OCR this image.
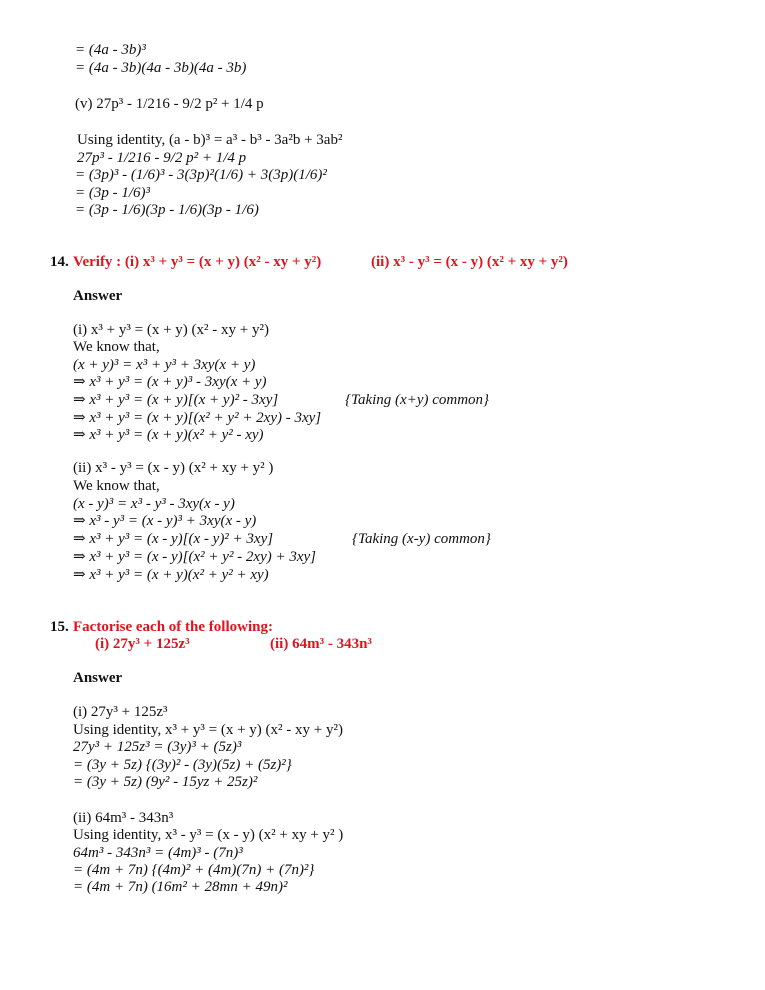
= (4a - 3b)³
= (4a - 3b)(4a - 3b)(4a - 3b)
(v) 27p³ - 1/216 - 9/2 p² + 1/4 p
Using identity, (a - b)³ = a³ - b³ - 3a²b + 3ab²
27p³ - 1/216 - 9/2 p² + 1/4 p
= (3p)³ - (1/6)³ - 3(3p)²(1/6) + 3(3p)(1/6)²
= (3p - 1/6)³
= (3p - 1/6)(3p - 1/6)(3p - 1/6)
14. Verify : (i) x³ + y³ = (x + y) (x² - xy + y²)	(ii) x³ - y³ = (x - y) (x² + xy + y²)
Answer
(i) x³ + y³ = (x + y) (x² - xy + y²)
We know that,
(x + y)³ = x³ + y³ + 3xy(x + y)
⇒ x³ + y³ = (x + y)³ - 3xy(x + y)
⇒ x³ + y³ = (x + y)[(x + y)² - 3xy]	{Taking (x+y) common}
⇒ x³ + y³ = (x + y)[(x² + y² + 2xy) - 3xy]
⇒ x³ + y³ = (x + y)(x² + y² - xy)
(ii) x³ - y³ = (x - y) (x² + xy + y² )
We know that,
(x - y)³ = x³ - y³ - 3xy(x - y)
⇒ x³ - y³ = (x - y)³ + 3xy(x - y)
⇒ x³ + y³ = (x - y)[(x - y)² + 3xy]	{Taking (x-y) common}
⇒ x³ + y³ = (x - y)[(x² + y² - 2xy) + 3xy]
⇒ x³ + y³ = (x + y)(x² + y² + xy)
15. Factorise each of the following:
(i) 27y³ + 125z³	(ii) 64m³ - 343n³
Answer
(i) 27y³ + 125z³
Using identity, x³ + y³ = (x + y) (x² - xy + y²)
27y³ + 125z³ = (3y)³ + (5z)³
= (3y + 5z) {(3y)² - (3y)(5z) + (5z)²}
= (3y + 5z) (9y² - 15yz + 25z)²
(ii) 64m³ - 343n³
Using identity, x³ - y³ = (x - y) (x² + xy + y² )
64m³ - 343n³ = (4m)³ - (7n)³
= (4m + 7n) {(4m)² + (4m)(7n) + (7n)²}
= (4m + 7n) (16m² + 28mn + 49n)²
